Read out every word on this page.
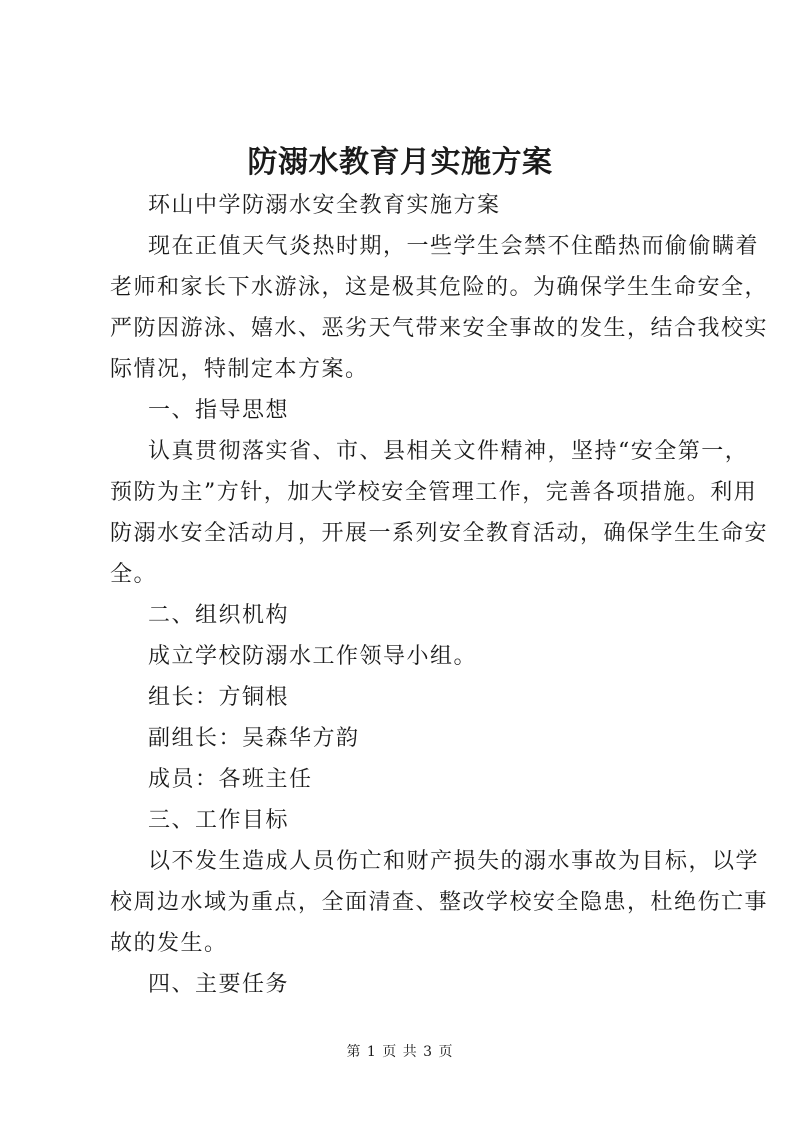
防溺水教育月实施方案
环山中学防溺水安全教育实施方案
现在正值天气炎热时期，一些学生会禁不住酷热而偷偷瞒着
老师和家长下水游泳，这是极其危险的。为确保学生生命安全，
严防因游泳、嬉水、恶劣天气带来安全事故的发生，结合我校实
际情况，特制定本方案。
一、指导思想
认真贯彻落实省、市、县相关文件精神，坚持“安全第一，
预防为主”方针，加大学校安全管理工作，完善各项措施。利用
防溺水安全活动月，开展一系列安全教育活动，确保学生生命安
全。
二、组织机构
成立学校防溺水工作领导小组。
组长：方铜根
副组长：吴森华方韵
成员：各班主任
三、工作目标
以不发生造成人员伤亡和财产损失的溺水事故为目标，以学
校周边水域为重点，全面清查、整改学校安全隐患，杜绝伤亡事
故的发生。
四、主要任务
第 1 页 共 3 页
